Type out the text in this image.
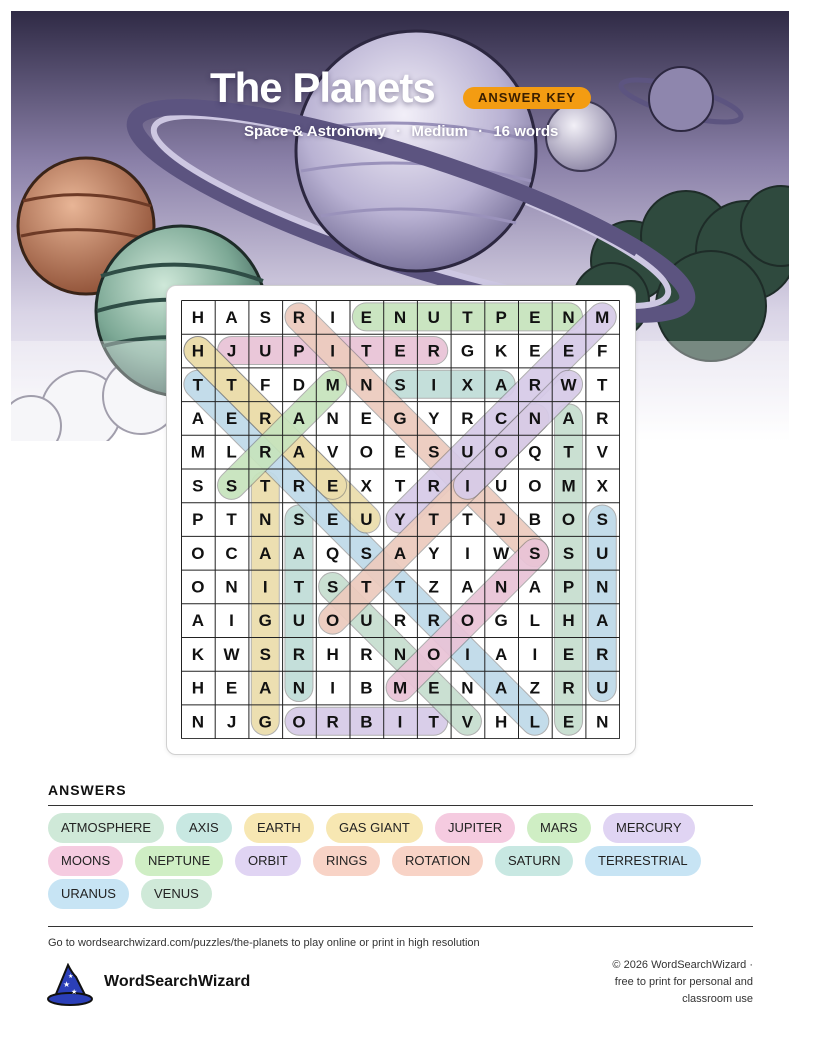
The Planets	ANSWER KEY
Space & Astronomy · Medium · 16 words
H A S R I E N U T P E N M
H J U P I T E R G K E E F
T T F D M N S I X A R W T
A E R A N E G Y R C N A R
M L R A V O E S U O Q T V
S S T R E X T R I U O M X
P T N S E U Y T T J B O S
O C A A Q S A Y I W S S U
O N I T S T T Z A N A P N
A I G U O U R R O G L H A
K W S R H R N O I A I E R
H E A N I B M E N A Z R U
N J G O R B I T V H L E N
ANSWERS
ATMOSPHERE	AXIS	EARTH	GAS GIANT	JUPITER	MARS	MERCURY
MOONS	NEPTUNE	ORBIT	RINGS	ROTATION	SATURN	TERRESTRIAL
URANUS	VENUS
Go to wordsearchwizard.com/puzzles/the-planets to play online or print in high resolution
★
★
★ WordSearchWizard
© 2026 WordSearchWizard ·
free to print for personal and
classroom use
